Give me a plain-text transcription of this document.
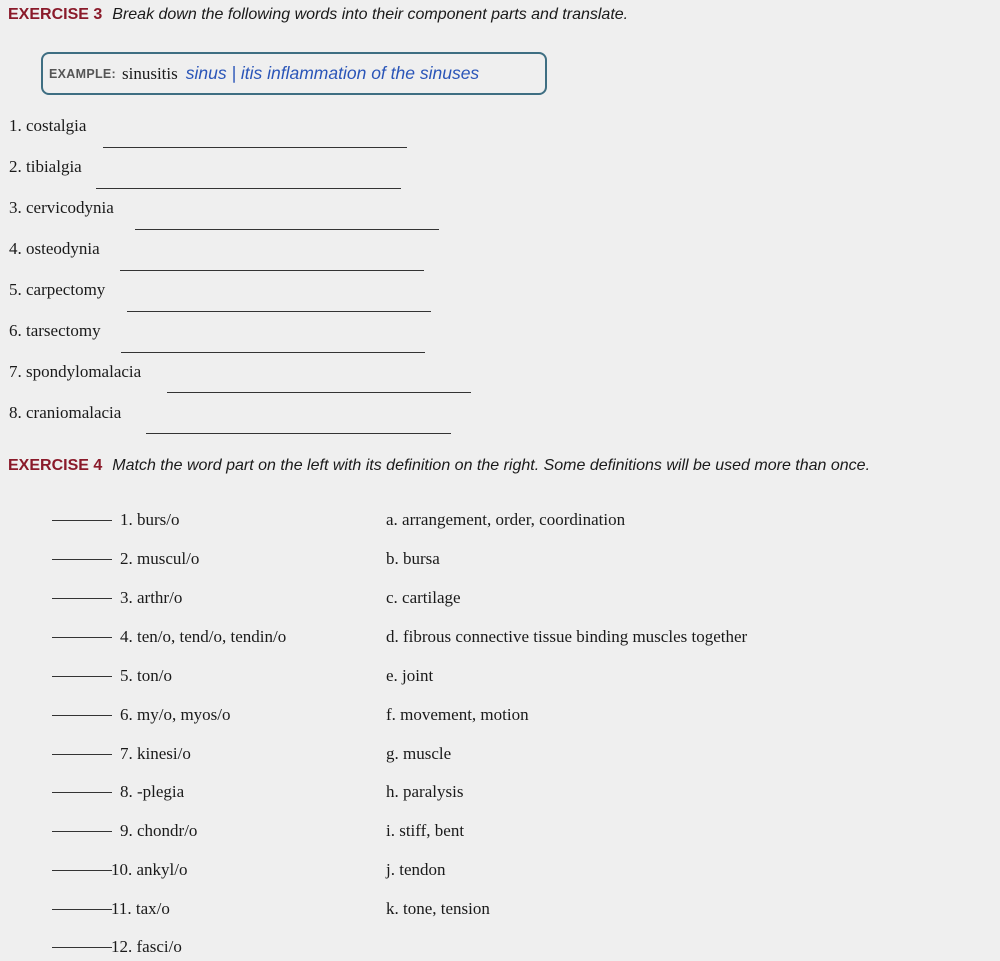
EXERCISE 3 Break down the following words into their component parts and translate.
EXAMPLE: sinusitis sinus | itis inflammation of the sinuses
1. costalgia
2. tibialgia
3. cervicodynia
4. osteodynia
5. carpectomy
6. tarsectomy
7. spondylomalacia
8. craniomalacia
EXERCISE 4 Match the word part on the left with its definition on the right. Some definitions will be used more than once.
1. burs/o
2. muscul/o
3. arthr/o
4. ten/o, tend/o, tendin/o
5. ton/o
6. my/o, myos/o
7. kinesi/o
8. -plegia
9. chondr/o
10. ankyl/o
11. tax/o
12. fasci/o
a. arrangement, order, coordination
b. bursa
c. cartilage
d. fibrous connective tissue binding muscles together
e. joint
f. movement, motion
g. muscle
h. paralysis
i. stiff, bent
j. tendon
k. tone, tension
